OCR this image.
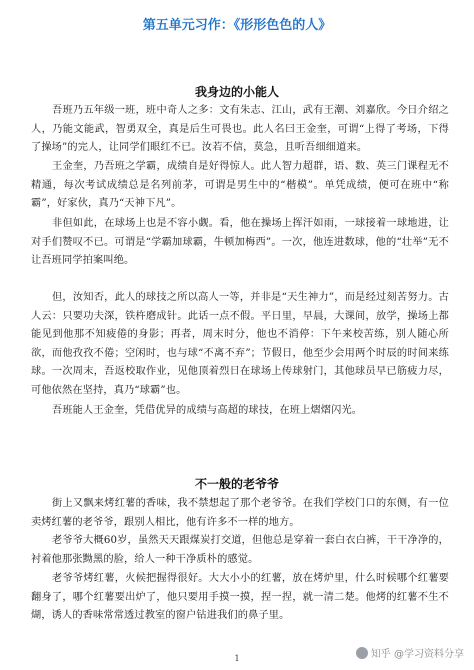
第五单元习作：《形形色色的人》
我身边的小能人

吾班乃五年级一班，班中奇人之多：文有朱志、江山，武有王潮、刘嘉欣。今日介绍之人，乃能文能武，智勇双全，真是后生可畏也。此人名曰王金奎，可谓“上得了考场，下得了操场”的完人，让同学们眼红不已。汝若不信，莫急，且听吾细细道来。

王金奎，乃吾班之学霸，成绩自是好得惊人。此人智力超群，语、数、英三门课程无不精通，每次考试成绩总是名列前茅，可谓是男生中的“楷模”。单凭成绩，便可在班中“称霸”，好家伙，真乃“天神下凡”。

非但如此，在球场上也是不容小觑。看，他在操场上挥汗如雨，一球接着一球地进，让对手们赞叹不已。可谓是“学霸加球霸，牛顿加梅西”。一次，他连进数球，他的“壮举”无不让吾班同学拍案叫绝。

但，汝知否，此人的球技之所以高人一等，并非是“天生神力”，而是经过刻苦努力。古人云：只要功夫深，铁杵磨成针。此话一点不假。平日里，早晨，大课间，放学，操场上都能见到他那不知疲倦的身影；再者，周末时分，他也不消停：下午来校苦练，别人随心所欲，而他孜孜不倦；空闲时，也与球“不离不弃”；节假日，他至少会用两个时辰的时间来练球。一次周末，吾返校取作业，见他顶着烈日在球场上传球射门，其他球员早已筋疲力尽，可他依然在坚持，真乃“球霸”也。

吾班能人王金奎，凭借优异的成绩与高超的球技，在班上熠熠闪光。

不一般的老爷爷

街上又飘来烤红薯的香味，我不禁想起了那个老爷爷。在我们学校门口的东侧，有一位卖烤红薯的老爷爷，跟别人相比，他有许多不一样的地方。

老爷爷大概60岁，虽然天天跟煤炭打交道，但他总是穿着一套白衣白裤，干干净净的，衬着他那张黝黑的脸，给人一种干净质朴的感觉。

老爷爷烤红薯，火候把握得很好。大大小小的红薯，放在烤炉里，什么时候哪个红薯要翻身了，哪个红薯要出炉了，他只要用手摸一摸，捏一捏，就一清二楚。他烤的红薯不生不煳，诱人的香味常常透过教室的窗户钻进我们的鼻子里。

知乎 @学习资料分享
1
